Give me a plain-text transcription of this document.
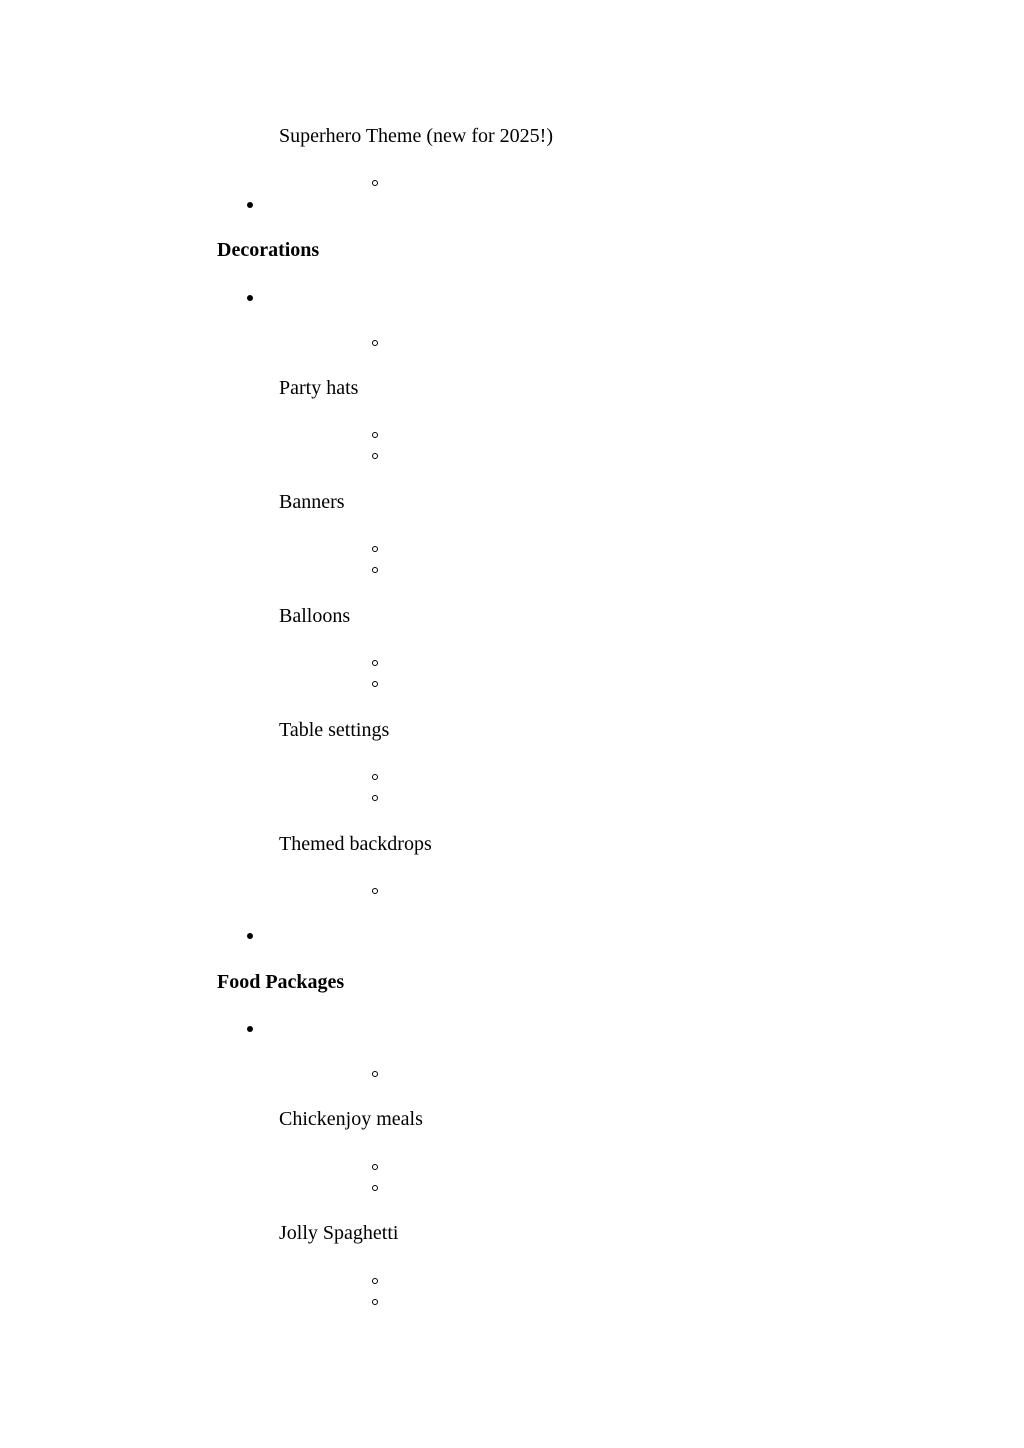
Superhero Theme (new for 2025!)
Decorations
Party hats
Banners
Balloons
Table settings
Themed backdrops
Food Packages
Chickenjoy meals
Jolly Spaghetti
